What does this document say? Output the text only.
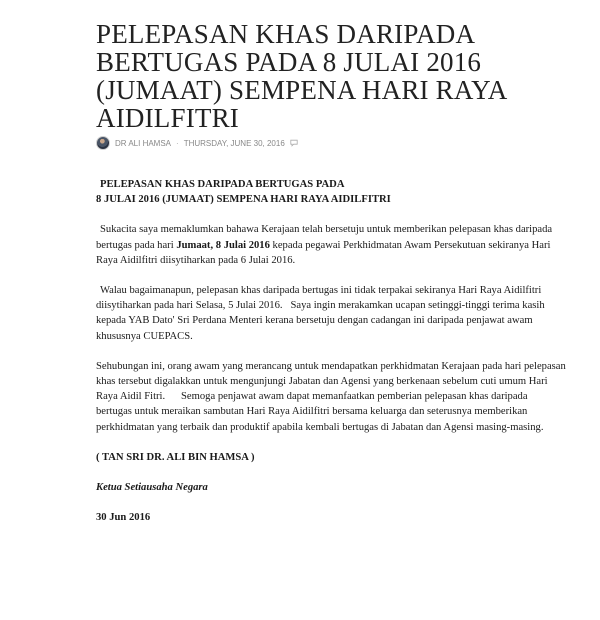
PELEPASAN KHAS DARIPADA BERTUGAS PADA 8 JULAI 2016 (JUMAAT) SEMPENA HARI RAYA AIDILFITRI
DR ALI HAMSA · THURSDAY, JUNE 30, 2016
PELEPASAN KHAS DARIPADA BERTUGAS PADA
8 JULAI 2016 (JUMAAT) SEMPENA HARI RAYA AIDILFITRI

Sukacita saya memaklumkan bahawa Kerajaan telah bersetuju untuk memberikan pelepasan khas daripada bertugas pada hari Jumaat, 8 Julai 2016 kepada pegawai Perkhidmatan Awam Persekutuan sekiranya Hari Raya Aidilfitri diisytiharkan pada 6 Julai 2016.

Walau bagaimanapun, pelepasan khas daripada bertugas ini tidak terpakai sekiranya Hari Raya Aidilfitri diisytiharkan pada hari Selasa, 5 Julai 2016.   Saya ingin merakamkan ucapan setinggi-tinggi terima kasih kepada YAB Dato' Sri Perdana Menteri kerana bersetuju dengan cadangan ini daripada penjawat awam khususnya CUEPACS.

Sehubungan ini, orang awam yang merancang untuk mendapatkan perkhidmatan Kerajaan pada hari pelepasan khas tersebut digalakkan untuk mengunjungi Jabatan dan Agensi yang berkenaan sebelum cuti umum Hari Raya Aidil Fitri.      Semoga penjawat awam dapat memanfaatkan pemberian pelepasan khas daripada bertugas untuk meraikan sambutan Hari Raya Aidilfitri bersama keluarga dan seterusnya memberikan perkhidmatan yang terbaik dan produktif apabila kembali bertugas di Jabatan dan Agensi masing-masing.

( TAN SRI DR. ALI BIN HAMSA )

Ketua Setiausaha Negara

30 Jun 2016
